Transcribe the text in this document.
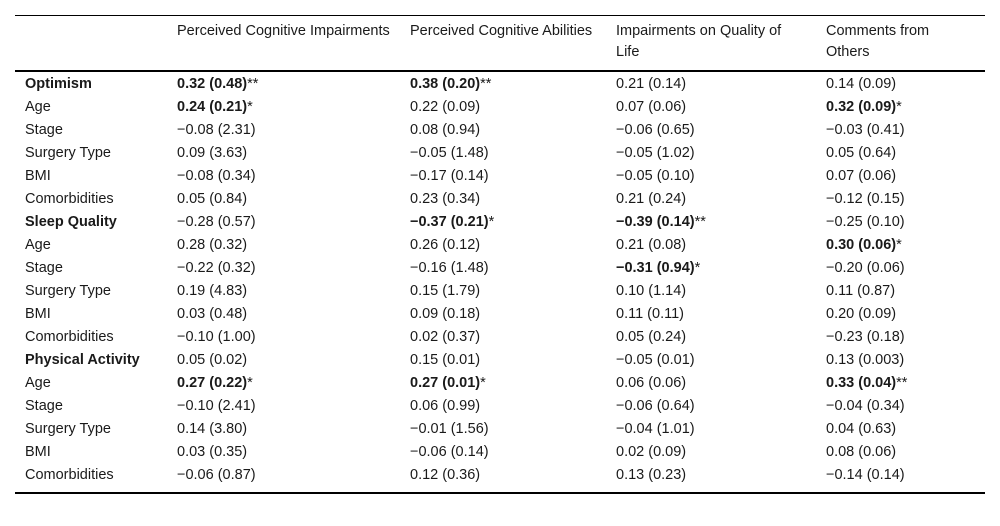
	Perceived Cognitive Impairments	Perceived Cognitive Abilities	Impairments on Quality of Life	Comments from Others
Optimism	0.32 (0.48)**	0.38 (0.20)**	0.21 (0.14)	0.14 (0.09)
Age	0.24 (0.21)*	0.22 (0.09)	0.07 (0.06)	0.32 (0.09)*
Stage	−0.08 (2.31)	0.08 (0.94)	−0.06 (0.65)	−0.03 (0.41)
Surgery Type	0.09 (3.63)	−0.05 (1.48)	−0.05 (1.02)	0.05 (0.64)
BMI	−0.08 (0.34)	−0.17 (0.14)	−0.05 (0.10)	0.07 (0.06)
Comorbidities	0.05 (0.84)	0.23 (0.34)	0.21 (0.24)	−0.12 (0.15)
Sleep Quality	−0.28 (0.57)	−0.37 (0.21)*	−0.39 (0.14)**	−0.25 (0.10)
Age	0.28 (0.32)	0.26 (0.12)	0.21 (0.08)	0.30 (0.06)*
Stage	−0.22 (0.32)	−0.16 (1.48)	−0.31 (0.94)*	−0.20 (0.06)
Surgery Type	0.19 (4.83)	0.15 (1.79)	0.10 (1.14)	0.11 (0.87)
BMI	0.03 (0.48)	0.09 (0.18)	0.11 (0.11)	0.20 (0.09)
Comorbidities	−0.10 (1.00)	0.02 (0.37)	0.05 (0.24)	−0.23 (0.18)
Physical Activity	0.05 (0.02)	0.15 (0.01)	−0.05 (0.01)	0.13 (0.003)
Age	0.27 (0.22)*	0.27 (0.01)*	0.06 (0.06)	0.33 (0.04)**
Stage	−0.10 (2.41)	0.06 (0.99)	−0.06 (0.64)	−0.04 (0.34)
Surgery Type	0.14 (3.80)	−0.01 (1.56)	−0.04 (1.01)	0.04 (0.63)
BMI	0.03 (0.35)	−0.06 (0.14)	0.02 (0.09)	0.08 (0.06)
Comorbidities	−0.06 (0.87)	0.12 (0.36)	0.13 (0.23)	−0.14 (0.14)
